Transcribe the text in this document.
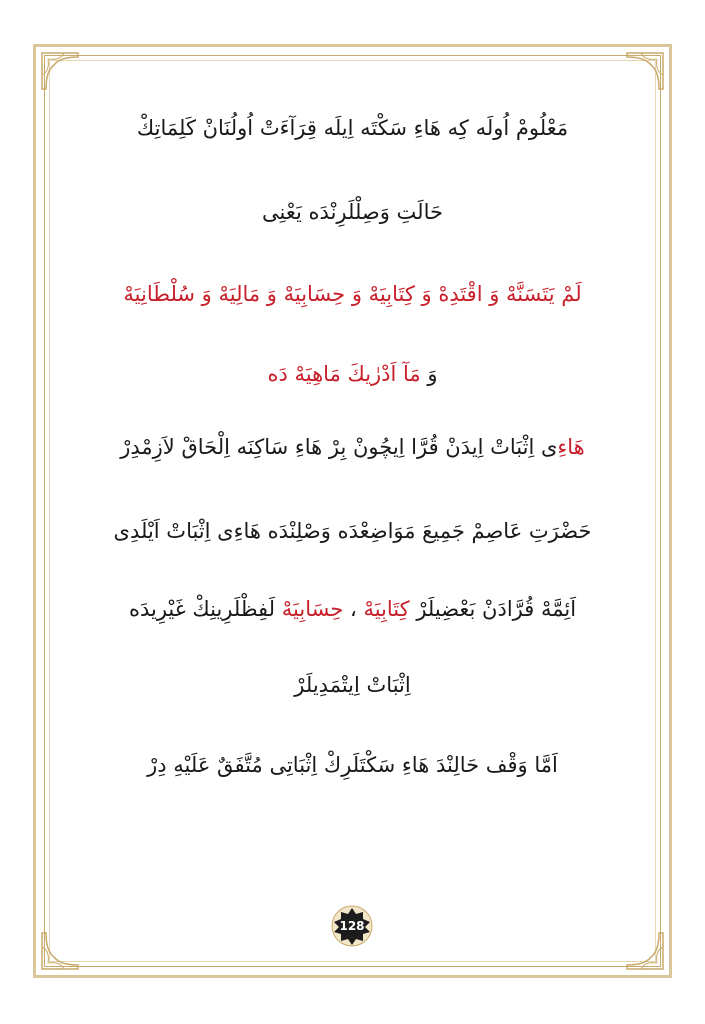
مَعْلُومْ اُولَه كِه هَاءِ سَكْتَه اِيلَه قِرَآءَتْ اُولُنَانْ كَلِمَاتِكْ
حَالَتِ وَصِلْلَرِنْدَه يَعْنِى
لَمْ يَتَسَنَّهْ وَ اقْتَدِهْ وَ كِتَابِيَهْ وَ حِسَابِيَهْ وَ مَالِيَهْ وَ سُلْطَانِيَهْ
وَ مَآ اَدْرٰيكَ مَاهِيَهْ دَه
هَاءِى اِثْبَاتْ اِيدَنْ قُرَّا اِيچُونْ بِرْ هَاءِ سَاكِنَه اِلْحَاقْ لاَزِمْدِرْ
حَضْرَتِ عَاصِمْ جَمِيعَ مَوَاضِعْدَه وَصْلِنْدَه هَاءِى اِثْبَاتْ اَيْلَدِى
اَئِمَّهْ قُرَّادَنْ بَعْضِيلَرْ كِتَابِيَهْ ، حِسَابِيَهْ لَفِظْلَرِينِكْ غَيْرِيدَه
اِثْبَاتْ اِيتْمَدِيلَرْ
اَمَّا وَقْف حَالِنْدَ هَاءِ سَكْتَلَرِكْ اِثْبَاتِى مُتَّفَقٌ عَلَيْهِ دِرْ
128
